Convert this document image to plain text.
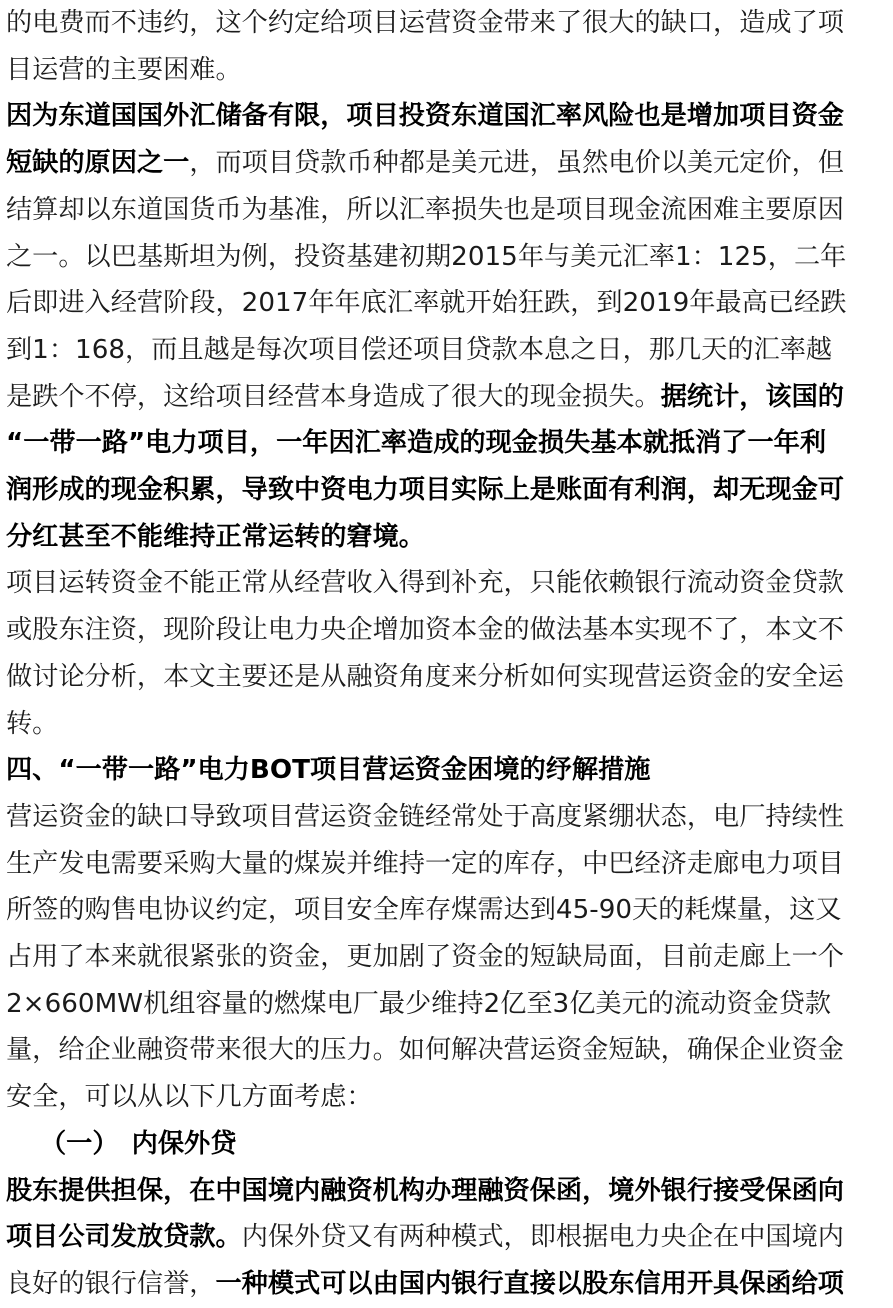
的电费而不违约，这个约定给项目运营资金带来了很大的缺口，造成了项
目运营的主要困难。
因为东道国国外汇储备有限，项目投资东道国汇率风险也是增加项目资金
短缺的原因之一，而项目贷款币种都是美元进，虽然电价以美元定价，但
结算却以东道国货币为基准，所以汇率损失也是项目现金流困难主要原因
之一。以巴基斯坦为例，投资基建初期2015年与美元汇率1：125，二年
后即进入经营阶段，2017年年底汇率就开始狂跌，到2019年最高已经跌
到1：168，而且越是每次项目偿还项目贷款本息之日，那几天的汇率越
是跌个不停，这给项目经营本身造成了很大的现金损失。据统计，该国的
“一带一路”电力项目，一年因汇率造成的现金损失基本就抵消了一年利
润形成的现金积累，导致中资电力项目实际上是账面有利润，却无现金可
分红甚至不能维持正常运转的窘境。
项目运转资金不能正常从经营收入得到补充，只能依赖银行流动资金贷款
或股东注资，现阶段让电力央企增加资本金的做法基本实现不了，本文不
做讨论分析，本文主要还是从融资角度来分析如何实现营运资金的安全运
转。
四、“一带一路”电力BOT项目营运资金困境的纾解措施
营运资金的缺口导致项目营运资金链经常处于高度紧绷状态，电厂持续性
生产发电需要采购大量的煤炭并维持一定的库存，中巴经济走廊电力项目
所签的购售电协议约定，项目安全库存煤需达到45-90天的耗煤量，这又
占用了本来就很紧张的资金，更加剧了资金的短缺局面，目前走廊上一个
2×660MW机组容量的燃煤电厂最少维持2亿至3亿美元的流动资金贷款
量，给企业融资带来很大的压力。如何解决营运资金短缺，确保企业资金
安全，可以从以下几方面考虑：
（一）　内保外贷
股东提供担保，在中国境内融资机构办理融资保函，境外银行接受保函向
项目公司发放贷款。内保外贷又有两种模式，即根据电力央企在中国境内
良好的银行信誉，一种模式可以由国内银行直接以股东信用开具保函给项
